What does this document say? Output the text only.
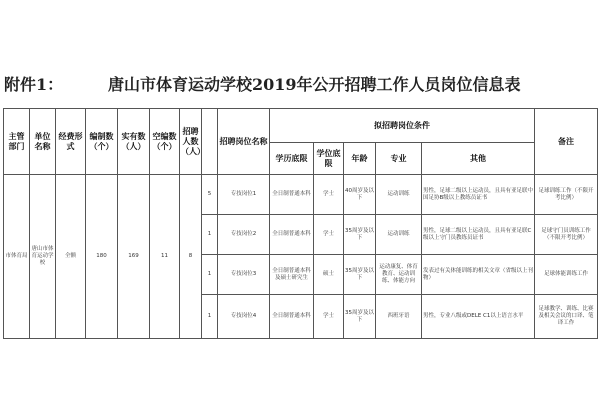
附件1：	唐山市体育运动学校2019年公开招聘工作人员岗位信息表
主管部门	单位名称	经费形式	编制数（个）	实有数（人）	空编数（个）	招聘人数（人）		招聘岗位名称	拟招聘岗位条件					备注
									学历底限	学位底限	年龄	专业	其他	
市体育局	唐山市体育运动学校	全额	180	169	11	8	5	专技岗位1	全日制普通本科	学士	40周岁及以下	运动训练	男性，足球二级以上运动员，且具有亚足联中国足协B级以上教练员证书	足球训练工作（不限开考比例）
							1	专技岗位2	全日制普通本科	学士	35周岁及以下	运动训练	男性，足球二级以上运动员，且具有亚足联C级以上守门员教练员证书	足球守门员训练工作（不限开考比例）
							1	专技岗位3	全日制普通本科及硕士研究生	硕士	35周岁及以下	运动康复、体育教育、运动训练、体能方向	发表过有关体能训练的相关文章（省级以上刊物）	足球体能训练工作
							1	专技岗位4	全日制普通本科	学士	35周岁及以下	西班牙语	男性，专业八级或DELE C1以上语言水平	足球教学、训练、比赛及相关会议的口译、笔译工作
